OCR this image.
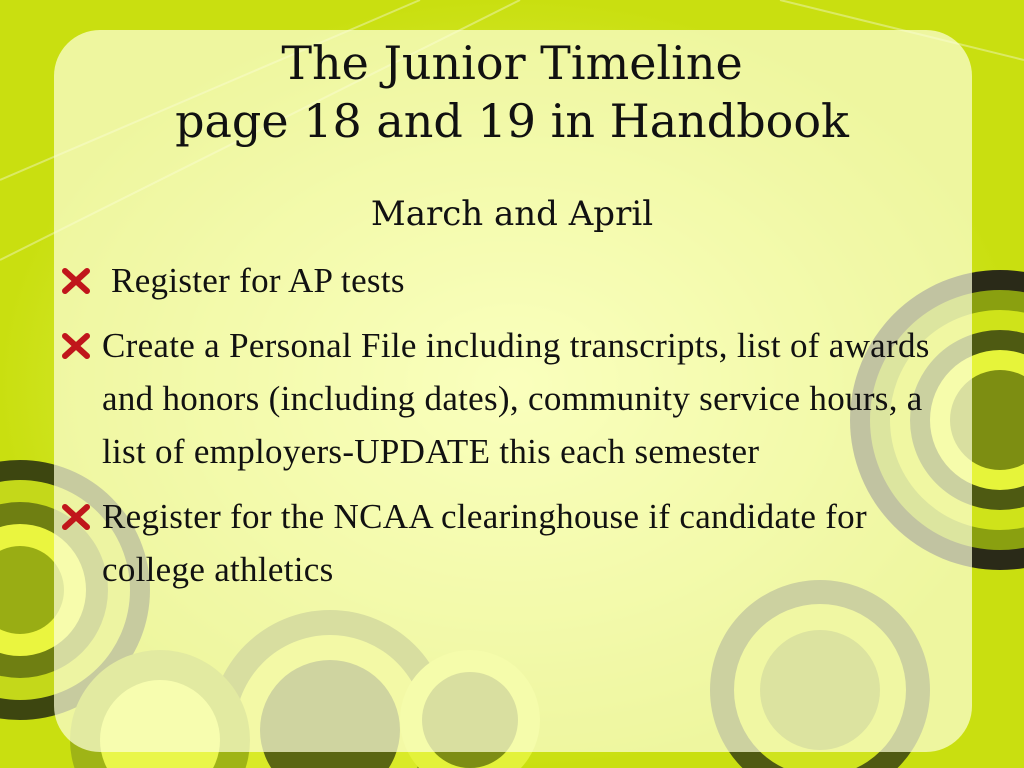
The Junior Timeline
page 18 and 19 in Handbook
March and April
Register for AP tests
Create a Personal File including transcripts, list of awards and honors (including dates), community service hours, a list of employers-UPDATE this each semester
Register for the NCAA clearinghouse if candidate for college athletics
